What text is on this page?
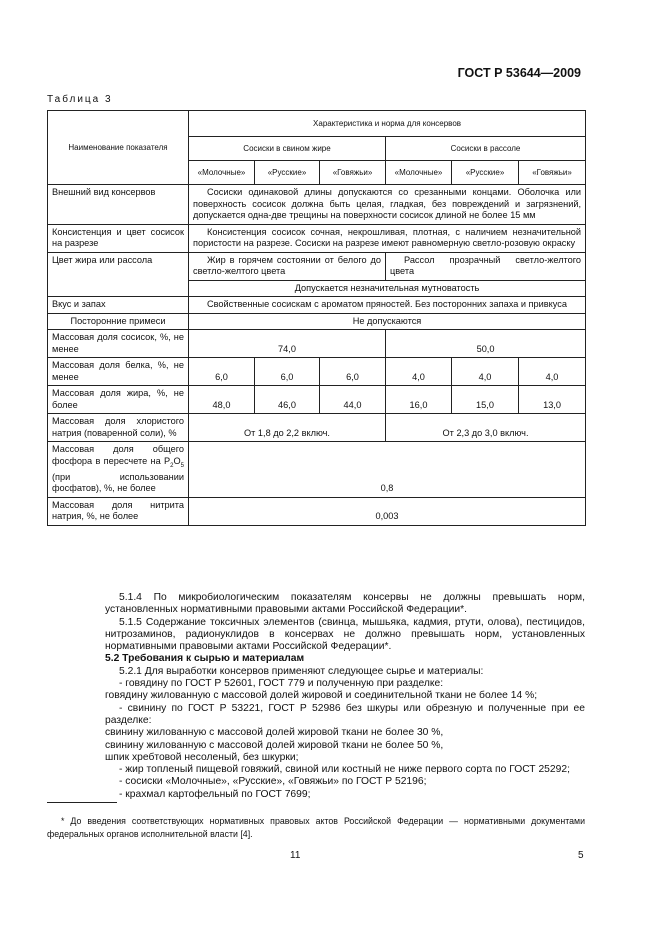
ГОСТ Р 53644—2009
Таблица 3
Наименование показателя	Характеристика и норма для консервов					
	Сосиски в свином жире			Сосиски в рассоле		
	«Молочные»	«Русские»	«Говяжьи»	«Молочные»	«Русские»	«Говяжьи»
Внешний вид консервов	Сосиски одинаковой длины допускаются со срезанными концами. Оболочка или поверхность сосисок должна быть целая, гладкая, без повреждений и загрязнений, допускается одна-две трещины на поверхности сосисок длиной не более 15 мм					
Консистенция и цвет сосисок на разрезе	Консистенция сосисок сочная, некрошливая, плотная, с наличием незначительной пористости на разрезе. Сосиски на разрезе имеют равномерную светло-розовую окраску					
Цвет жира или рассола	Жир в горячем состоянии от белого до светло-желтого цвета			Рассол прозрачный светло-желтого цвета		
	Допускается незначительная мутноватость					
Вкус и запах	Свойственные сосискам с ароматом пряностей. Без посторонних запаха и привкуса					
Посторонние примеси	Не допускаются					
Массовая доля сосисок, %, не менее	74,0			50,0		
Массовая доля белка, %, не менее	6,0	6,0	6,0	4,0	4,0	4,0
Массовая доля жира, %, не более	48,0	46,0	44,0	16,0	15,0	13,0
Массовая доля хлористого натрия (поваренной соли), %	От 1,8 до 2,2 включ.			От 2,3 до 3,0 включ.		
Массовая доля общего фосфора в пересчете на $P_2O_5$ (при использовании фосфатов), %, не более	0,8					
Массовая доля нитрита натрия, %, не более	0,003					

5.1.4 По микробиологическим показателям консервы не должны превышать норм, установленных нормативными правовыми актами Российской Федерации*.

5.1.5 Содержание токсичных элементов (свинца, мышьяка, кадмия, ртути, олова), пестицидов, нитрозаминов, радионуклидов в консервах не должно превышать норм, установленных нормативными правовыми актами Российской Федерации*.

5.2 Требования к сырью и материалам

5.2.1 Для выработки консервов применяют следующее сырье и материалы:

- говядину по ГОСТ Р 52601, ГОСТ 779 и полученную при разделке:

говядину жилованную с массовой долей жировой и соединительной ткани не более 14 %;

- свинину по ГОСТ Р 53221, ГОСТ Р 52986 без шкуры или обрезную и полученные при ее разделке:

свинину жилованную с массовой долей жировой ткани не более 30 %,

свинину жилованную с массовой долей жировой ткани не более 50 %,

шпик хребтовой несоленый, без шкурки;

- жир топленый пищевой говяжий, свиной или костный не ниже первого сорта по ГОСТ 25292;

- сосиски «Молочные», «Русские», «Говяжьи» по ГОСТ Р 52196;

- крахмал картофельный по ГОСТ 7699;

* До введения соответствующих нормативных правовых актов Российской Федерации — нормативными документами федеральных органов исполнительной власти [4].
11	5
